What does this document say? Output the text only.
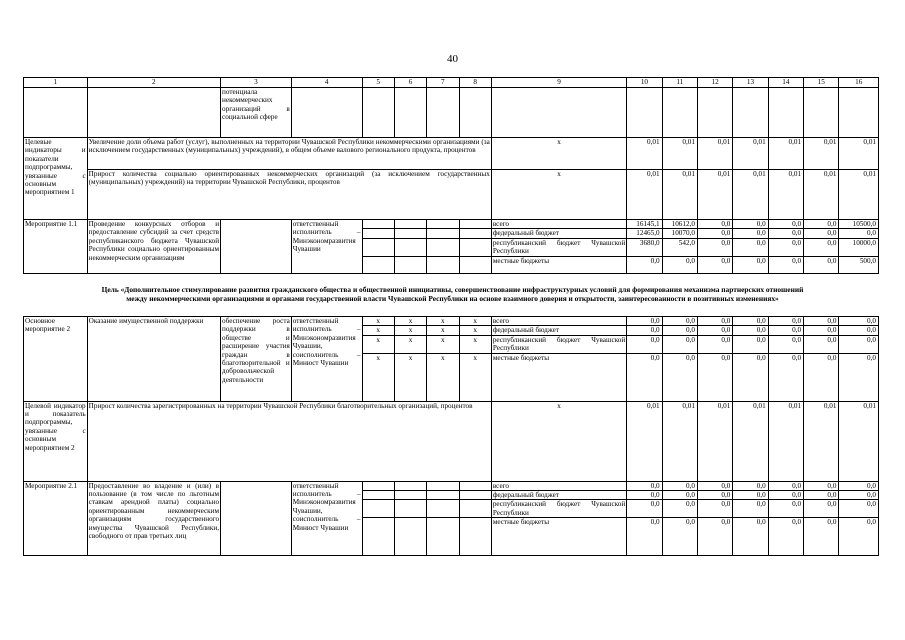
40
1	2	3	4	5	6	7	8	9	10	11	12	13	14	15	16
		потенциала некоммерческих организаций в социальной сфере													
Целевые индикаторы и показатели подпрограммы, увязанные с основным мероприятием 1	Увеличение доли объема работ (услуг), выполненных на территории Чувашской Республики некоммерческими организациями (за исключением государственных (муниципальных) учреждений), в общем объеме валового регионального продукта, процентов							x	0,01	0,01	0,01	0,01	0,01	0,01	0,01
	Прирост количества социально ориентированных некоммерческих организаций (за исключением государственных (муниципальных) учреждений) на территории Чувашской Республики, процентов							x	0,01	0,01	0,01	0,01	0,01	0,01	0,01
Мероприятие 1.1	Проведение конкурсных отборов и предоставление субсидий за счет средств республиканского бюджета Чувашской Республики социально ориентированным некоммерческим организациям		ответственный исполнитель – Минэкономразвития Чувашии					всего	16145,1	10612,0	0,0	0,0	0,0	0,0	10500,0
								федеральный бюджет	12465,0	10070,0	0,0	0,0	0,0	0,0	0,0
								республиканский бюджет Чувашской Республики	3680,0	542,0	0,0	0,0	0,0	0,0	10000,0
								местные бюджеты	0,0	0,0	0,0	0,0	0,0	0,0	500,0
Цель «Дополнительное стимулирование развития гражданского общества и общественной инициативы, совершенствование инфраструктурных условий для формирования механизма партнерских отношений между некоммерческими организациями и органами государственной власти Чувашской Республики на основе взаимного доверия и открытости, заинтересованности в позитивных изменениях»
Основное мероприятие 2	Оказание имущественной поддержки	обеспечение роста поддержки в обществе и расширение участия граждан в благотворительной и добровольческой деятельности	ответственный исполнитель – Минэкономразвития Чувашии, соисполнитель – Минюст Чувашии	x	x	x	x	всего	0,0	0,0	0,0	0,0	0,0	0,0	0,0
				x	x	x	x	федеральный бюджет	0,0	0,0	0,0	0,0	0,0	0,0	0,0
				x	x	x	x	республиканский бюджет Чувашской Республики	0,0	0,0	0,0	0,0	0,0	0,0	0,0
				x	x	x	x	местные бюджеты	0,0	0,0	0,0	0,0	0,0	0,0	0,0
Целевой индикатор и показатель подпрограммы, увязанные с основным мероприятием 2	Прирост количества зарегистрированных на территории Чувашской Республики благотворительных организаций, процентов							x	0,01	0,01	0,01	0,01	0,01	0,01	0,01
Мероприятие 2.1	Предоставление во владение и (или) в пользование (в том числе по льготным ставкам арендной платы) социально ориентированным некоммерческим организациям государственного имущества Чувашской Республики, свободного от прав третьих лиц		ответственный исполнитель – Минэкономразвития Чувашии, соисполнитель – Минюст Чувашии					всего	0,0	0,0	0,0	0,0	0,0	0,0	0,0
								федеральный бюджет	0,0	0,0	0,0	0,0	0,0	0,0	0,0
								республиканский бюджет Чувашской Республики	0,0	0,0	0,0	0,0	0,0	0,0	0,0
								местные бюджеты	0,0	0,0	0,0	0,0	0,0	0,0	0,0
